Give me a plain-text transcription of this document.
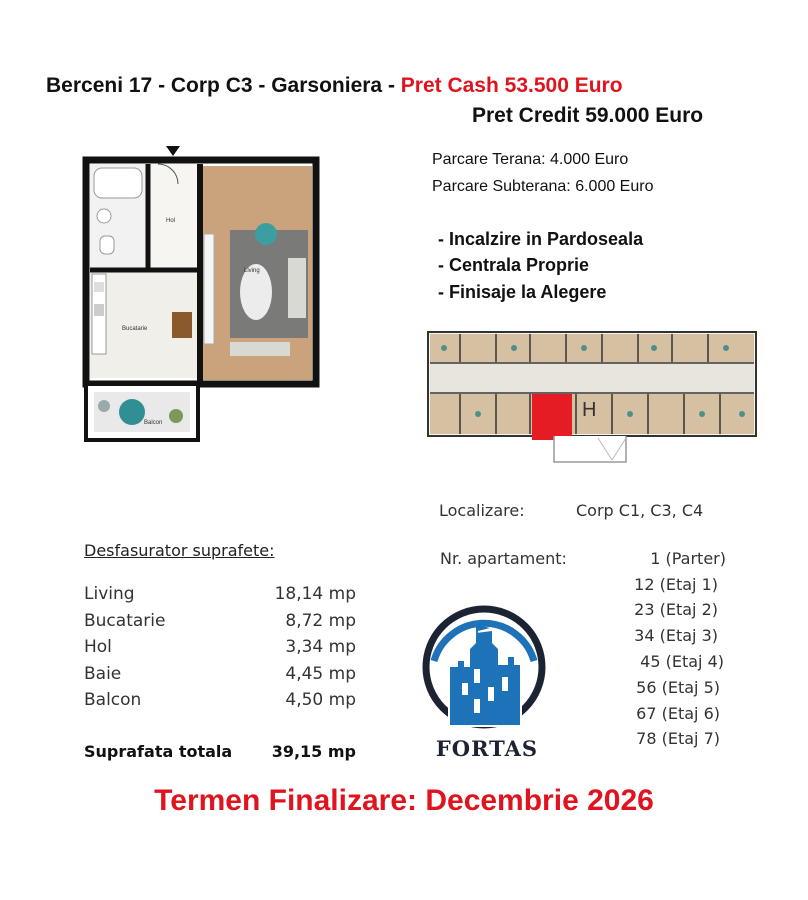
Berceni 17 - Corp C3 - Garsoniera - Pret Cash 53.500 Euro
Pret Credit 59.000 Euro
Hol
Bucatarie
Living
Balcon
Parcare Terana: 4.000 Euro
Parcare Subterana: 6.000 Euro
- Incalzire in Pardoseala
- Centrala Proprie
- Finisaje la Alegere
H
Localizare:	Corp C1, C3, C4
Nr. apartament:	1 (Parter)
12 (Etaj 1)
23 (Etaj 2)
34 (Etaj 3)
45 (Etaj 4)
56 (Etaj 5)
67 (Etaj 6)
78 (Etaj 7)
Desfasurator suprafete:
Living	18,14 mp
Bucatarie	8,72 mp
Hol	3,34 mp
Baie	4,45 mp
Balcon	4,50 mp
Suprafata totala 39,15 mp	FORTAS
Termen Finalizare: Decembrie 2026
